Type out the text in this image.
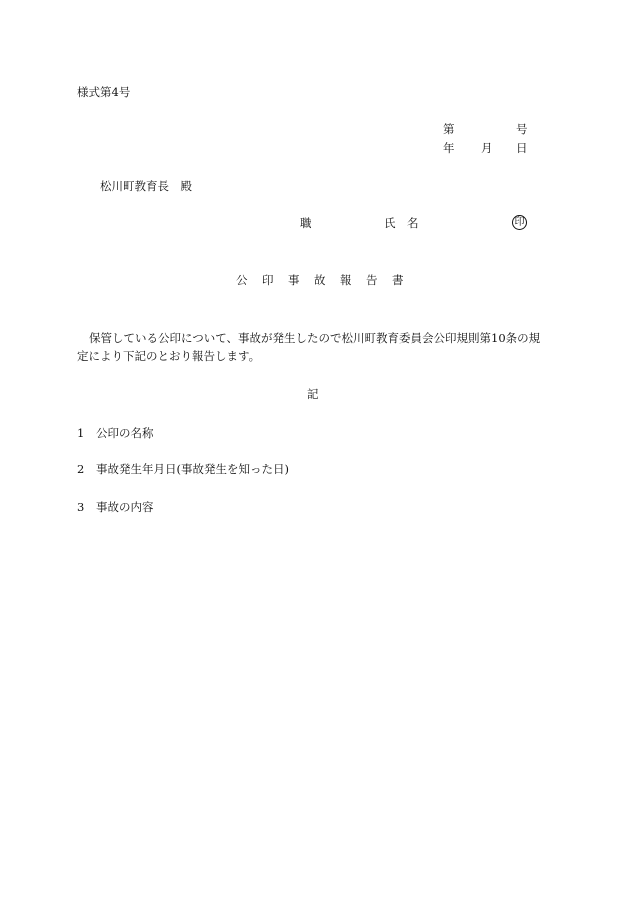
様式第4号
第	号
年 月 日
松川町教育長　殿
職	氏　名	印
公印事故報告書
保管している公印について、事故が発生したので松川町教育委員会公印規則第10条の規
定により下記のとおり報告します。
記
1 公印の名称
2 事故発生年月日(事故発生を知った日)
3 事故の内容
